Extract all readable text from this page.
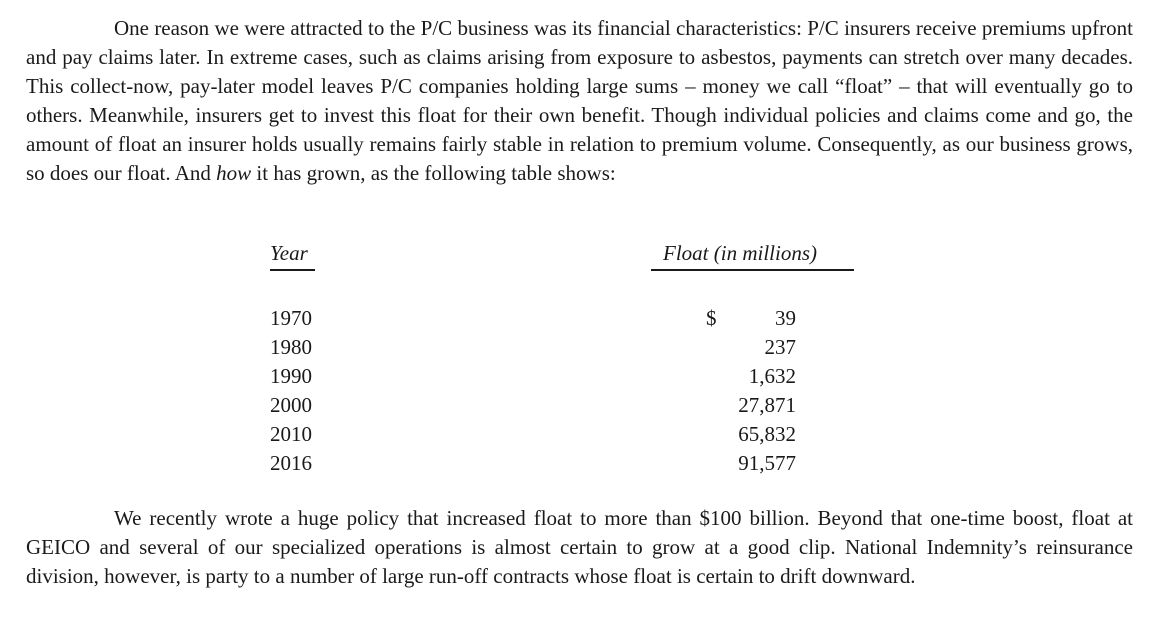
One reason we were attracted to the P/C business was its financial characteristics: P/C insurers receive premiums upfront and pay claims later. In extreme cases, such as claims arising from exposure to asbestos, payments can stretch over many decades. This collect-now, pay-later model leaves P/C companies holding large sums – money we call “float” – that will eventually go to others. Meanwhile, insurers get to invest this float for their own benefit. Though individual policies and claims come and go, the amount of float an insurer holds usually remains fairly stable in relation to premium volume. Consequently, as our business grows, so does our float. And how it has grown, as the following table shows:

Year	Float (in millions)
1970	$	39
1980	237
1990	1,632
2000	27,871
2010	65,832
2016	91,577

We recently wrote a huge policy that increased float to more than $100 billion. Beyond that one-time boost, float at GEICO and several of our specialized operations is almost certain to grow at a good clip. National Indemnity’s reinsurance division, however, is party to a number of large run-off contracts whose float is certain to drift downward.
